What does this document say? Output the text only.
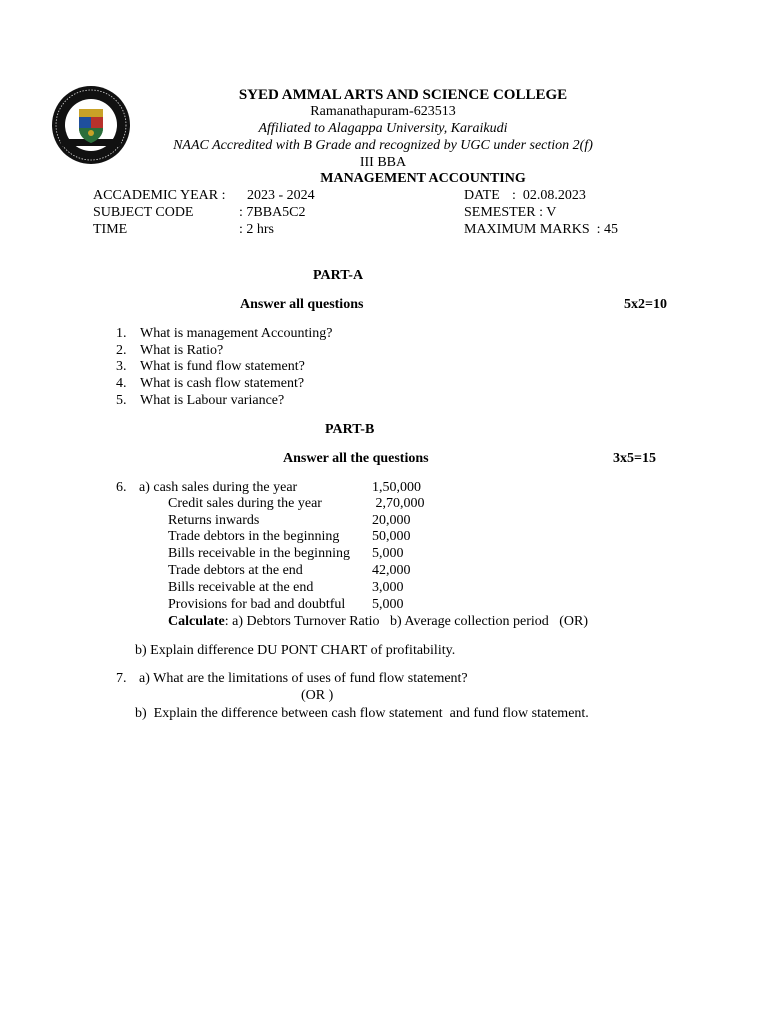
SYED AMMAL ARTS AND SCIENCE COLLEGE
Ramanathapuram-623513
Affiliated to Alagappa University, Karaikudi
NAAC Accredited with B Grade and recognized by UGC under section 2(f)
III BBA
MANAGEMENT ACCOUNTING
ACCADEMIC YEAR : 2023 - 2024
SUBJECT CODE	: 7BBA5C2
TIME	: 2 hrs
DATE :  02.08.2023
SEMESTER : V
MAXIMUM MARKS  : 45
PART-A
Answer all questions	5x2=10
1. What is management Accounting?
2. What is Ratio?
3. What is fund flow statement?
4. What is cash flow statement?
5. What is Labour variance?
PART-B
Answer all the questions	3x5=15
6. a) cash sales during the year	1,50,000
Credit sales during the year	2,70,000
Returns inwards	20,000
Trade debtors in the beginning 50,000
Bills receivable in the beginning 5,000
Trade debtors at the end	42,000
Bills receivable at the end	3,000
Provisions for bad and doubtful 5,000
Calculate: a) Debtors Turnover Ratio   b) Average collection period   (OR)
b) Explain difference DU PONT CHART of profitability.
7. a) What are the limitations of uses of fund flow statement?
(OR )
b)  Explain the difference between cash flow statement  and fund flow statement.
